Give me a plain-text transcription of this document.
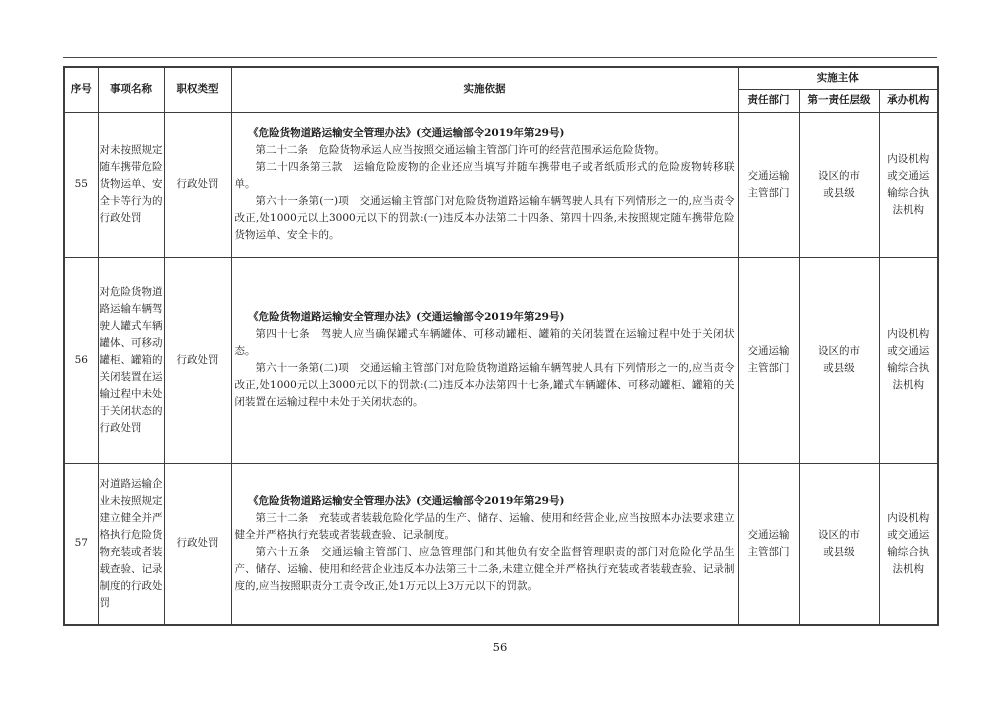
序号	事项名称	职权类型	实施依据	实施主体		
				责任部门	第一责任层级	承办机构
55	对未按照规定随车携带危险货物运单、安全卡等行为的行政处罚	行政处罚	《危险货物道路运输安全管理办法》(交通运输部令2019年第29号)

第二十二条　危险货物承运人应当按照交通运输主管部门许可的经营范围承运危险货物。

第二十四条第三款　运输危险废物的企业还应当填写并随车携带电子或者纸质形式的危险废物转移联单。

第六十一条第(一)项　交通运输主管部门对危险货物道路运输车辆驾驶人具有下列情形之一的,应当责令改正,处1000元以上3000元以下的罚款:(一)违反本办法第二十四条、第四十四条,未按照规定随车携带危险货物运单、安全卡的。	交通运输主管部门	设区的市或县级	内设机构或交通运输综合执法机构
56	对危险货物道路运输车辆驾驶人罐式车辆罐体、可移动罐柜、罐箱的关闭装置在运输过程中未处于关闭状态的行政处罚	行政处罚	《危险货物道路运输安全管理办法》(交通运输部令2019年第29号)

第四十七条　驾驶人应当确保罐式车辆罐体、可移动罐柜、罐箱的关闭装置在运输过程中处于关闭状态。

第六十一条第(二)项　交通运输主管部门对危险货物道路运输车辆驾驶人具有下列情形之一的,应当责令改正,处1000元以上3000元以下的罚款:(二)违反本办法第四十七条,罐式车辆罐体、可移动罐柜、罐箱的关闭装置在运输过程中未处于关闭状态的。	交通运输主管部门	设区的市或县级	内设机构或交通运输综合执法机构
57	对道路运输企业未按照规定建立健全并严格执行危险货物充装或者装载查验、记录制度的行政处罚	行政处罚	《危险货物道路运输安全管理办法》(交通运输部令2019年第29号)

第三十二条　充装或者装载危险化学品的生产、储存、运输、使用和经营企业,应当按照本办法要求建立健全并严格执行充装或者装载查验、记录制度。

第六十五条　交通运输主管部门、应急管理部门和其他负有安全监督管理职责的部门对危险化学品生产、储存、运输、使用和经营企业违反本办法第三十二条,未建立健全并严格执行充装或者装载查验、记录制度的,应当按照职责分工责令改正,处1万元以上3万元以下的罚款。	交通运输主管部门	设区的市或县级	内设机构或交通运输综合执法机构
56
